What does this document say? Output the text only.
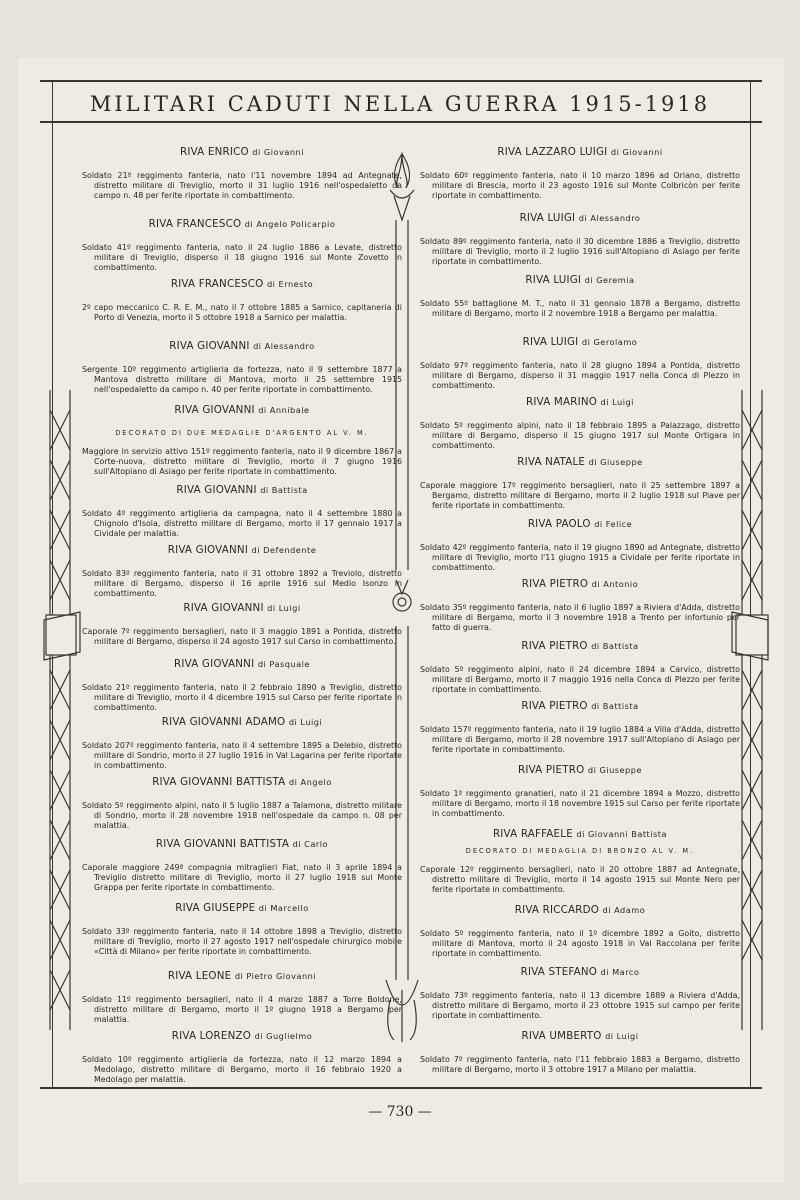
MILITARI CADUTI NELLA GUERRA 1915-1918
RIVA ENRICO di Giovanni
Soldato 21º reggimento fanteria, nato l'11 novembre 1894 ad Antegnate, distretto militare di Treviglio, morto il 31 luglio 1916 nell'ospedaletto da campo n. 48 per ferite riportate in combattimento.
RIVA FRANCESCO di Angelo Policarpio
Soldato 41º reggimento fanteria, nato il 24 luglio 1886 a Levate, distretto militare di Treviglio, disperso il 18 giugno 1916 sul Monte Zovetto in combattimento.
RIVA FRANCESCO di Ernesto
2º capo meccanico C. R. E. M., nato il 7 ottobre 1885 a Sarnico, capitaneria di Porto di Venezia, morto il 5 ottobre 1918 a Sarnico per malattia.
RIVA GIOVANNI di Alessandro
Sergente 10º reggimento artiglieria da fortezza, nato il 9 settembre 1877 a Mantova distretto militare di Mantova, morto il 25 settembre 1915 nell'ospedaletto da campo n. 40 per ferite riportate in combattimento.
RIVA GIOVANNI di Annibale
DECORATO DI DUE MEDAGLIE D'ARGENTO AL V. M.
Maggiore in servizio attivo 151º reggimento fanteria, nato il 9 dicembre 1867 a Corte-nuova, distretto militare di Treviglio, morto il 7 giugno 1916 sull'Altopiano di Asiago per ferite riportate in combattimento.
RIVA GIOVANNI di Battista
Soldato 4º reggimento artiglieria da campagna, nato il 4 settembre 1880 a Chignolo d'Isola, distretto militare di Bergamo, morto il 17 gennaio 1917 a Cividale per malattia.
RIVA GIOVANNI di Defendente
Soldato 83º reggimento fanteria, nato il 31 ottobre 1892 a Treviolo, distretto militare di Bergamo, disperso il 16 aprile 1916 sul Medio Isonzo in combattimento.
RIVA GIOVANNI di Luigi
Caporale 7º reggimento bersaglieri, nato il 3 maggio 1891 a Pontida, distretto militare di Bergamo, disperso il 24 agosto 1917 sul Carso in combattimento.
RIVA GIOVANNI di Pasquale
Soldato 21º reggimento fanteria, nato il 2 febbraio 1890 a Treviglio, distretto militare di Treviglio, morto il 4 dicembre 1915 sul Carso per ferite riportate in combattimento.
RIVA GIOVANNI ADAMO di Luigi
Soldato 207º reggimento fanteria, nato il 4 settembre 1895 a Delebio, distretto militare di Sondrio, morto il 27 luglio 1916 in Val Lagarina per ferite riportate in combattimento.
RIVA GIOVANNI BATTISTA di Angelo
Soldato 5º reggimento alpini, nato il 5 luglio 1887 a Talamona, distretto militare di Sondrio, morto il 28 novembre 1918 nell'ospedale da campo n. 08 per malattia.
RIVA GIOVANNI BATTISTA di Carlo
Caporale maggiore 249ª compagnia mitraglieri Fiat, nato il 3 aprile 1894 a Treviglio distretto militare di Treviglio, morto il 27 luglio 1918 sul Monte Grappa per ferite riportate in combattimento.
RIVA GIUSEPPE di Marcello
Soldato 33º reggimento fanteria, nato il 14 ottobre 1898 a Treviglio, distretto militare di Treviglio, morto il 27 agosto 1917 nell'ospedale chirurgico mobile «Città di Milano» per ferite riportate in combattimento.
RIVA LEONE di Pietro Giovanni
Soldato 11º reggimento bersaglieri, nato il 4 marzo 1887 a Torre Boldone, distretto militare di Bergamo, morto il 1º giugno 1918 a Bergamo per malattia.
RIVA LORENZO di Guglielmo
Soldato 10º reggimento artiglieria da fortezza, nato il 12 marzo 1894 a Medolago, distretto militare di Bergamo, morto il 16 febbraio 1920 a Medolago per malattia.
RIVA LAZZARO LUIGI di Giovanni
Soldato 60º reggimento fanteria, nato il 10 marzo 1896 ad Oriano, distretto militare di Brescia, morto il 23 agosto 1916 sul Monte Colbricòn per ferite riportate in combattimento.
RIVA LUIGI di Alessandro
Soldato 89º reggimento fanteria, nato il 30 dicembre 1886 a Treviglio, distretto militare di Treviglio, morto il 2 luglio 1916 sull'Altopiano di Asiago per ferite riportate in combattimento.
RIVA LUIGI di Geremia
Soldato 55º battaglione M. T., nato il 31 gennaio 1878 a Bergamo, distretto militare di Bergamo, morto il 2 novembre 1918 a Bergamo per malattia.
RIVA LUIGI di Gerolamo
Soldato 97º reggimento fanteria, nato il 28 giugno 1894 a Pontida, distretto militare di Bergamo, disperso il 31 maggio 1917 nella Conca di Plezzo in combattimento.
RIVA MARINO di Luigi
Soldato 5º reggimento alpini, nato il 18 febbraio 1895 a Palazzago, distretto militare di Bergamo, disperso il 15 giugno 1917 sul Monte Ortigara in combattimento.
RIVA NATALE di Giuseppe
Caporale maggiore 17º reggimento bersaglieri, nato il 25 settembre 1897 a Bergamo, distretto militare di Bergamo, morto il 2 luglio 1918 sul Piave per ferite riportate in combattimento.
RIVA PAOLO di Felice
Soldato 42º reggimento fanteria, nato il 19 giugno 1890 ad Antegnate, distretto militare di Treviglio, morto l'11 giugno 1915 a Cividale per ferite riportate in combattimento.
RIVA PIETRO di Antonio
Soldato 35º reggimento fanteria, nato il 6 luglio 1897 a Riviera d'Adda, distretto militare di Bergamo, morto il 3 novembre 1918 a Trento per infortunio per fatto di guerra.
RIVA PIETRO di Battista
Soldato 5º reggimento alpini, nato il 24 dicembre 1894 a Carvico, distretto militare di Bergamo, morto il 7 maggio 1916 nella Conca di Plezzo per ferite riportate in combattimento.
RIVA PIETRO di Battista
Soldato 157º reggimento fanteria, nato il 19 luglio 1884 a Villa d'Adda, distretto militare di Bergamo, morto il 28 novembre 1917 sull'Altopiano di Asiago per ferite riportate in combattimento.
RIVA PIETRO di Giuseppe
Soldato 1º reggimento granatieri, nato il 21 dicembre 1894 a Mozzo, distretto militare di Bergamo, morto il 18 novembre 1915 sul Carso per ferite riportate in combattimento.
RIVA RAFFAELE di Giovanni Battista
DECORATO DI MEDAGLIA DI BRONZO AL V. M.
Caporale 12º reggimento bersaglieri, nato il 20 ottobre 1887 ad Antegnate, distretto militare di Treviglio, morto il 14 agosto 1915 sul Monte Nero per ferite riportate in combattimento.
RIVA RICCARDO di Adamo
Soldato 5º reggimento fanteria, nato il 1º dicembre 1892 a Goito, distretto militare di Mantova, morto il 24 agosto 1918 in Val Raccolana per ferite riportate in combattimento.
RIVA STEFANO di Marco
Soldato 73º reggimento fanteria, nato il 13 dicembre 1889 a Riviera d'Adda, distretto militare di Bergamo, morto il 23 ottobre 1915 sul campo per ferite riportate in combattimento.
RIVA UMBERTO di Luigi
Soldato 7º reggimento fanteria, nato l'11 febbraio 1883 a Bergamo, distretto militare di Bergamo, morto il 3 ottobre 1917 a Milano per malattia.
— 730 —
